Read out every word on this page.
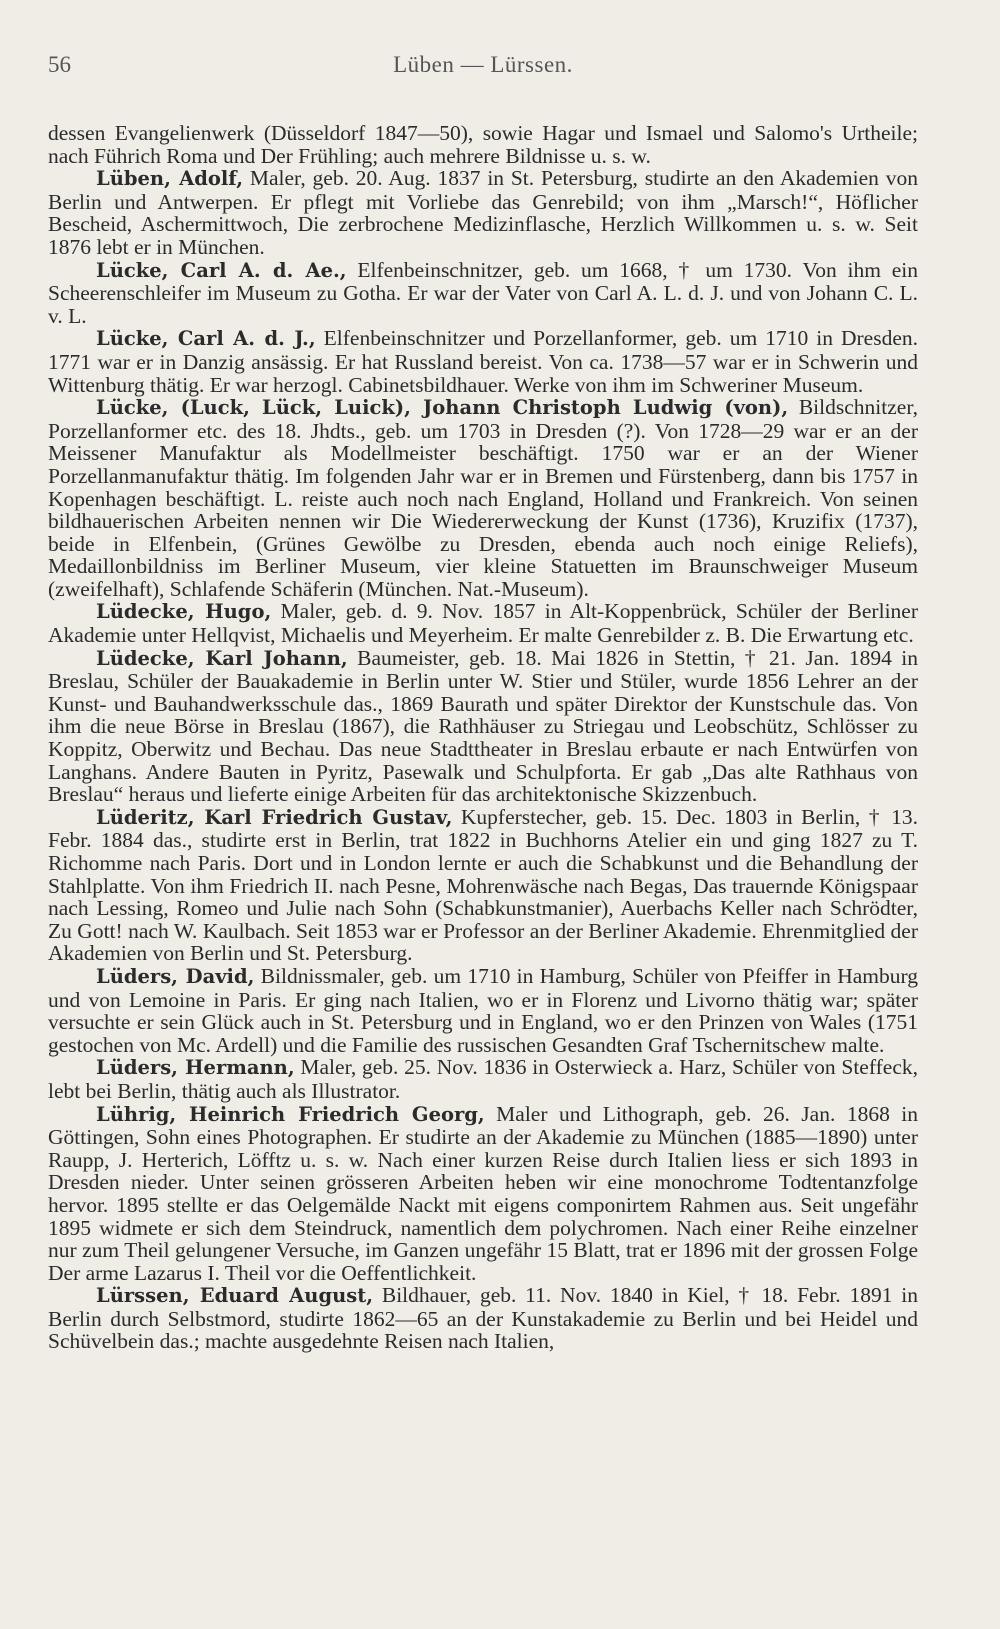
56	Lüben — Lürssen.

dessen Evangelienwerk (Düsseldorf 1847—50), sowie Hagar und Ismael und Salomo's Urtheile; nach Führich Roma und Der Frühling; auch mehrere Bildnisse u. s. w.

Lüben, Adolf, Maler, geb. 20. Aug. 1837 in St. Petersburg, studirte an den Akademien von Berlin und Antwerpen. Er pflegt mit Vorliebe das Genrebild; von ihm „Marsch!“, Höflicher Bescheid, Aschermittwoch, Die zerbrochene Medizinflasche, Herzlich Willkommen u. s. w. Seit 1876 lebt er in München.

Lücke, Carl A. d. Ae., Elfenbeinschnitzer, geb. um 1668, † um 1730. Von ihm ein Scheerenschleifer im Museum zu Gotha. Er war der Vater von Carl A. L. d. J. und von Johann C. L. v. L.

Lücke, Carl A. d. J., Elfenbeinschnitzer und Porzellanformer, geb. um 1710 in Dresden. 1771 war er in Danzig ansässig. Er hat Russland bereist. Von ca. 1738—57 war er in Schwerin und Wittenburg thätig. Er war herzogl. Cabinetsbildhauer. Werke von ihm im Schweriner Museum.

Lücke, (Luck, Lück, Luick), Johann Christoph Ludwig (von), Bildschnitzer, Porzellanformer etc. des 18. Jhdts., geb. um 1703 in Dresden (?). Von 1728—29 war er an der Meissener Manufaktur als Modellmeister beschäftigt. 1750 war er an der Wiener Porzellanmanufaktur thätig. Im folgenden Jahr war er in Bremen und Fürstenberg, dann bis 1757 in Kopenhagen beschäftigt. L. reiste auch noch nach England, Holland und Frankreich. Von seinen bildhauerischen Arbeiten nennen wir Die Wiedererweckung der Kunst (1736), Kruzifix (1737), beide in Elfenbein, (Grünes Gewölbe zu Dresden, ebenda auch noch einige Reliefs), Medaillonbildniss im Berliner Museum, vier kleine Statuetten im Braunschweiger Museum (zweifelhaft), Schlafende Schäferin (München. Nat.-Museum).

Lüdecke, Hugo, Maler, geb. d. 9. Nov. 1857 in Alt-Koppenbrück, Schüler der Berliner Akademie unter Hellqvist, Michaelis und Meyerheim. Er malte Genrebilder z. B. Die Erwartung etc.

Lüdecke, Karl Johann, Baumeister, geb. 18. Mai 1826 in Stettin, † 21. Jan. 1894 in Breslau, Schüler der Bauakademie in Berlin unter W. Stier und Stüler, wurde 1856 Lehrer an der Kunst- und Bauhandwerksschule das., 1869 Baurath und später Direktor der Kunstschule das. Von ihm die neue Börse in Breslau (1867), die Rathhäuser zu Striegau und Leobschütz, Schlösser zu Koppitz, Oberwitz und Bechau. Das neue Stadttheater in Breslau erbaute er nach Entwürfen von Langhans. Andere Bauten in Pyritz, Pasewalk und Schulpforta. Er gab „Das alte Rathhaus von Breslau“ heraus und lieferte einige Arbeiten für das architektonische Skizzenbuch.

Lüderitz, Karl Friedrich Gustav, Kupferstecher, geb. 15. Dec. 1803 in Berlin, † 13. Febr. 1884 das., studirte erst in Berlin, trat 1822 in Buchhorns Atelier ein und ging 1827 zu T. Richomme nach Paris. Dort und in London lernte er auch die Schabkunst und die Behandlung der Stahlplatte. Von ihm Friedrich II. nach Pesne, Mohrenwäsche nach Begas, Das trauernde Königspaar nach Lessing, Romeo und Julie nach Sohn (Schabkunstmanier), Auerbachs Keller nach Schrödter, Zu Gott! nach W. Kaulbach. Seit 1853 war er Professor an der Berliner Akademie. Ehrenmitglied der Akademien von Berlin und St. Petersburg.

Lüders, David, Bildnissmaler, geb. um 1710 in Hamburg, Schüler von Pfeiffer in Hamburg und von Lemoine in Paris. Er ging nach Italien, wo er in Florenz und Livorno thätig war; später versuchte er sein Glück auch in St. Petersburg und in England, wo er den Prinzen von Wales (1751 gestochen von Mc. Ardell) und die Familie des russischen Gesandten Graf Tschernitschew malte.

Lüders, Hermann, Maler, geb. 25. Nov. 1836 in Osterwieck a. Harz, Schüler von Steffeck, lebt bei Berlin, thätig auch als Illustrator.

Lührig, Heinrich Friedrich Georg, Maler und Lithograph, geb. 26. Jan. 1868 in Göttingen, Sohn eines Photographen. Er studirte an der Akademie zu München (1885—1890) unter Raupp, J. Herterich, Löfftz u. s. w. Nach einer kurzen Reise durch Italien liess er sich 1893 in Dresden nieder. Unter seinen grösseren Arbeiten heben wir eine monochrome Todtentanzfolge hervor. 1895 stellte er das Oelgemälde Nackt mit eigens componirtem Rahmen aus. Seit ungefähr 1895 widmete er sich dem Steindruck, namentlich dem polychromen. Nach einer Reihe einzelner nur zum Theil gelungener Versuche, im Ganzen ungefähr 15 Blatt, trat er 1896 mit der grossen Folge Der arme Lazarus I. Theil vor die Oeffentlichkeit.

Lürssen, Eduard August, Bildhauer, geb. 11. Nov. 1840 in Kiel, † 18. Febr. 1891 in Berlin durch Selbstmord, studirte 1862—65 an der Kunstakademie zu Berlin und bei Heidel und Schüvelbein das.; machte ausgedehnte Reisen nach Italien,
